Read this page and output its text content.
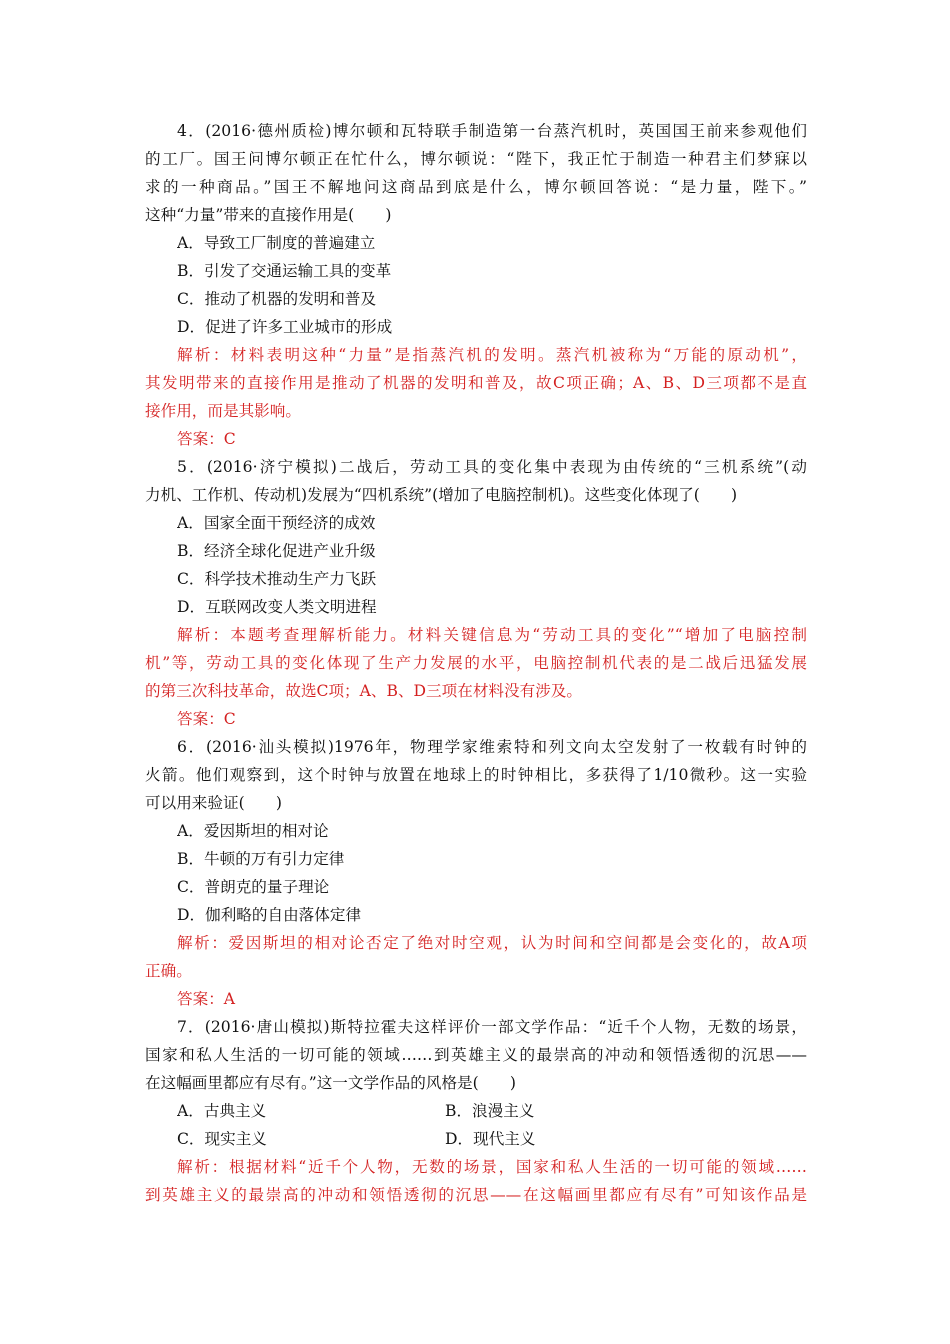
4．(2016·德州质检)博尔顿和瓦特联手制造第一台蒸汽机时，英国国王前来参观他们
的工厂。国王问博尔顿正在忙什么，博尔顿说：“陛下，我正忙于制造一种君主们梦寐以
求的一种商品。”国王不解地问这商品到底是什么，博尔顿回答说：“是力量，陛下。”
这种“力量”带来的直接作用是(　　)
A．导致工厂制度的普遍建立
B．引发了交通运输工具的变革
C．推动了机器的发明和普及
D．促进了许多工业城市的形成
解析：材料表明这种“力量”是指蒸汽机的发明。蒸汽机被称为“万能的原动机”，
其发明带来的直接作用是推动了机器的发明和普及，故C项正确；A、B、D三项都不是直
接作用，而是其影响。
答案：C
5．(2016·济宁模拟)二战后，劳动工具的变化集中表现为由传统的“三机系统”(动
力机、工作机、传动机)发展为“四机系统”(增加了电脑控制机)。这些变化体现了(　　)
A．国家全面干预经济的成效
B．经济全球化促进产业升级
C．科学技术推动生产力飞跃
D．互联网改变人类文明进程
解析：本题考查理解析能力。材料关键信息为“劳动工具的变化”“增加了电脑控制
机”等，劳动工具的变化体现了生产力发展的水平，电脑控制机代表的是二战后迅猛发展
的第三次科技革命，故选C项；A、B、D三项在材料没有涉及。
答案：C
6．(2016·汕头模拟)1976年，物理学家维索特和列文向太空发射了一枚载有时钟的
火箭。他们观察到，这个时钟与放置在地球上的时钟相比，多获得了1/10微秒。这一实验
可以用来验证(　　)
A．爱因斯坦的相对论
B．牛顿的万有引力定律
C．普朗克的量子理论
D．伽利略的自由落体定律
解析：爱因斯坦的相对论否定了绝对时空观，认为时间和空间都是会变化的，故A项
正确。
答案：A
7．(2016·唐山模拟)斯特拉霍夫这样评价一部文学作品：“近千个人物，无数的场景，
国家和私人生活的一切可能的领域……到英雄主义的最崇高的冲动和领悟透彻的沉思——
在这幅画里都应有尽有。”这一文学作品的风格是(　　)
A．古典主义	B．浪漫主义
C．现实主义	D．现代主义
解析：根据材料“近千个人物，无数的场景，国家和私人生活的一切可能的领域……
到英雄主义的最崇高的冲动和领悟透彻的沉思——在这幅画里都应有尽有”可知该作品是
